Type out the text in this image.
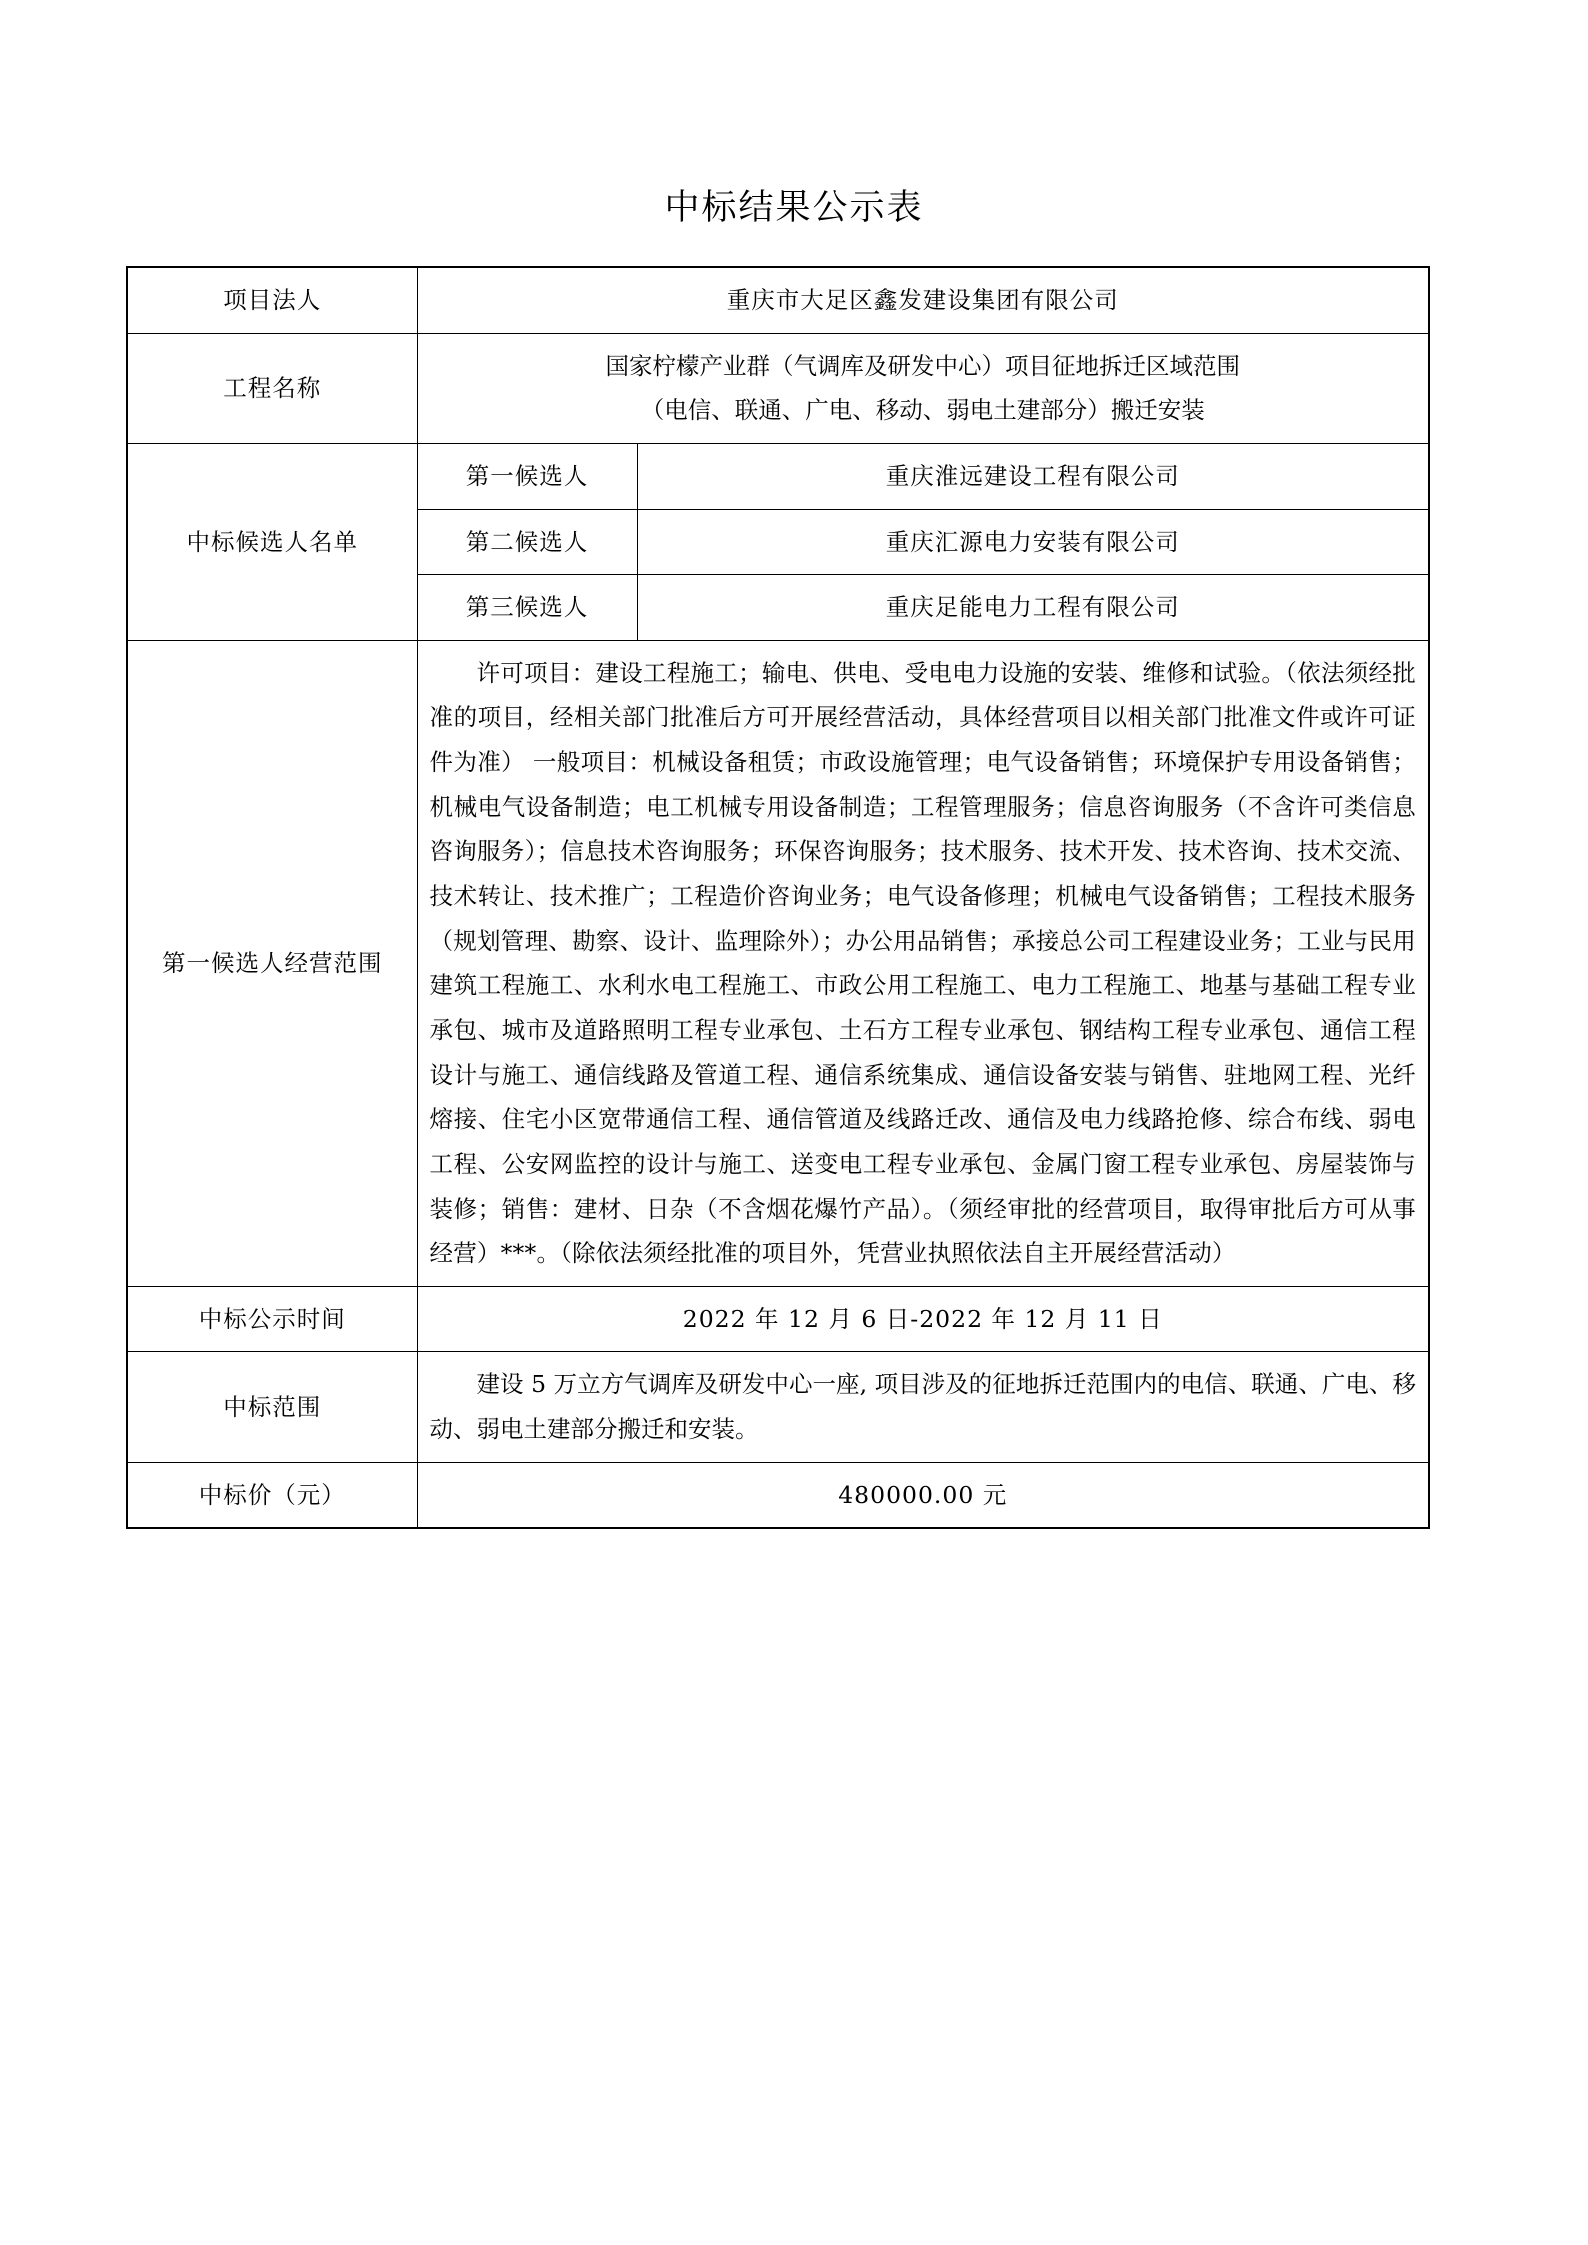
中标结果公示表
项目法人	重庆市大足区鑫发建设集团有限公司	
工程名称	国家柠檬产业群（气调库及研发中心）项目征地拆迁区域范围
（电信、联通、广电、移动、弱电土建部分）搬迁安装	

中标候选人名单	第一候选人	重庆淮远建设工程有限公司
	第二候选人	重庆汇源电力安装有限公司
	第三候选人	重庆足能电力工程有限公司
第一候选人经营范围	许可项目：建设工程施工；输电、供电、受电电力设施的安装、维修和试验。（依法须经批准的项目，经相关部门批准后方可开展经营活动，具体经营项目以相关部门批准文件或许可证件为准） 一般项目：机械设备租赁；市政设施管理；电气设备销售；环境保护专用设备销售；机械电气设备制造；电工机械专用设备制造；工程管理服务；信息咨询服务（不含许可类信息咨询服务）；信息技术咨询服务；环保咨询服务；技术服务、技术开发、技术咨询、技术交流、技术转让、技术推广；工程造价咨询业务；电气设备修理；机械电气设备销售；工程技术服务（规划管理、勘察、设计、监理除外）；办公用品销售；承接总公司工程建设业务；工业与民用建筑工程施工、水利水电工程施工、市政公用工程施工、电力工程施工、地基与基础工程专业承包、城市及道路照明工程专业承包、土石方工程专业承包、钢结构工程专业承包、通信工程设计与施工、通信线路及管道工程、通信系统集成、通信设备安装与销售、驻地网工程、光纤熔接、住宅小区宽带通信工程、通信管道及线路迁改、通信及电力线路抢修、综合布线、弱电工程、公安网监控的设计与施工、送变电工程专业承包、金属门窗工程专业承包、房屋装饰与装修；销售：建材、日杂（不含烟花爆竹产品）。（须经审批的经营项目，取得审批后方可从事经营）***。（除依法须经批准的项目外，凭营业执照依法自主开展经营活动）	

中标公示时间	2022 年 12 月 6 日-2022 年 12 月 11 日	
中标范围	建设 5 万立方气调库及研发中心一座, 项目涉及的征地拆迁范围内的电信、联通、广电、移动、弱电土建部分搬迁和安装。	

中标价（元）	480000.00 元	
